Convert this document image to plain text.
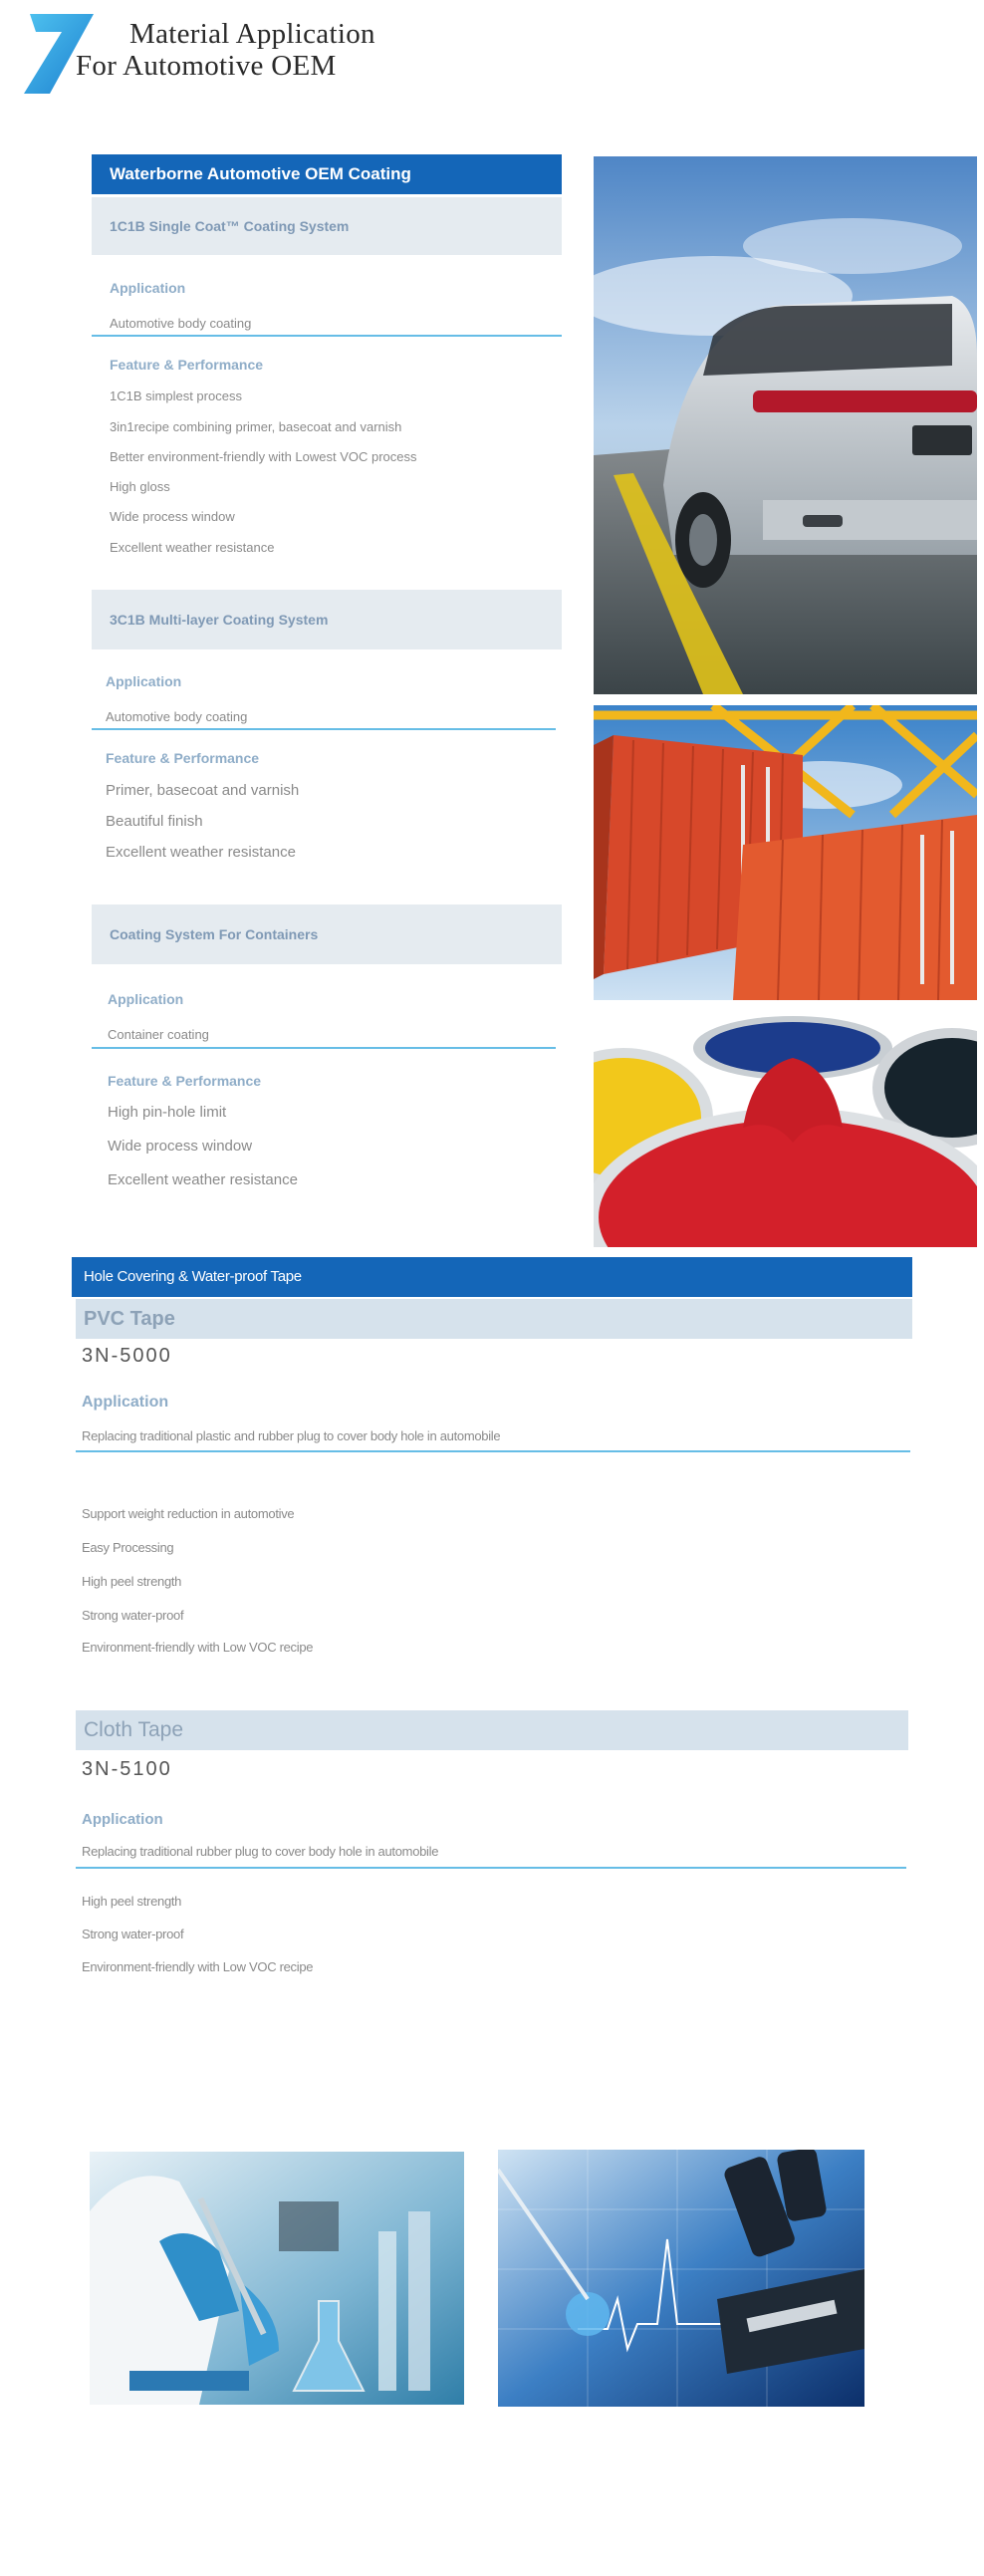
Material Application
For Automotive OEM
Waterborne Automotive OEM Coating
1C1B Single Coat™ Coating System
Application
Automotive body coating
Feature & Performance
1C1B simplest process
3in1recipe combining primer, basecoat and varnish
Better environment-friendly with Lowest VOC process
High gloss
Wide process window
Excellent weather resistance
3C1B Multi-layer Coating System
Application
Automotive body coating
Feature & Performance
Primer, basecoat and varnish
Beautiful finish
Excellent weather resistance
Coating System For Containers
Application
Container coating
Feature & Performance
High pin-hole limit
Wide process window
Excellent weather resistance
Hole Covering & Water-proof Tape
PVC Tape
3N-5000
Application
Replacing traditional plastic and rubber plug to cover body hole in automobile
Support weight reduction in automotive
Easy Processing
High peel strength
Strong water-proof
Environment-friendly with Low VOC recipe
Cloth Tape
3N-5100
Application
Replacing traditional rubber plug to cover body hole in automobile
High peel strength
Strong water-proof
Environment-friendly with Low VOC recipe
